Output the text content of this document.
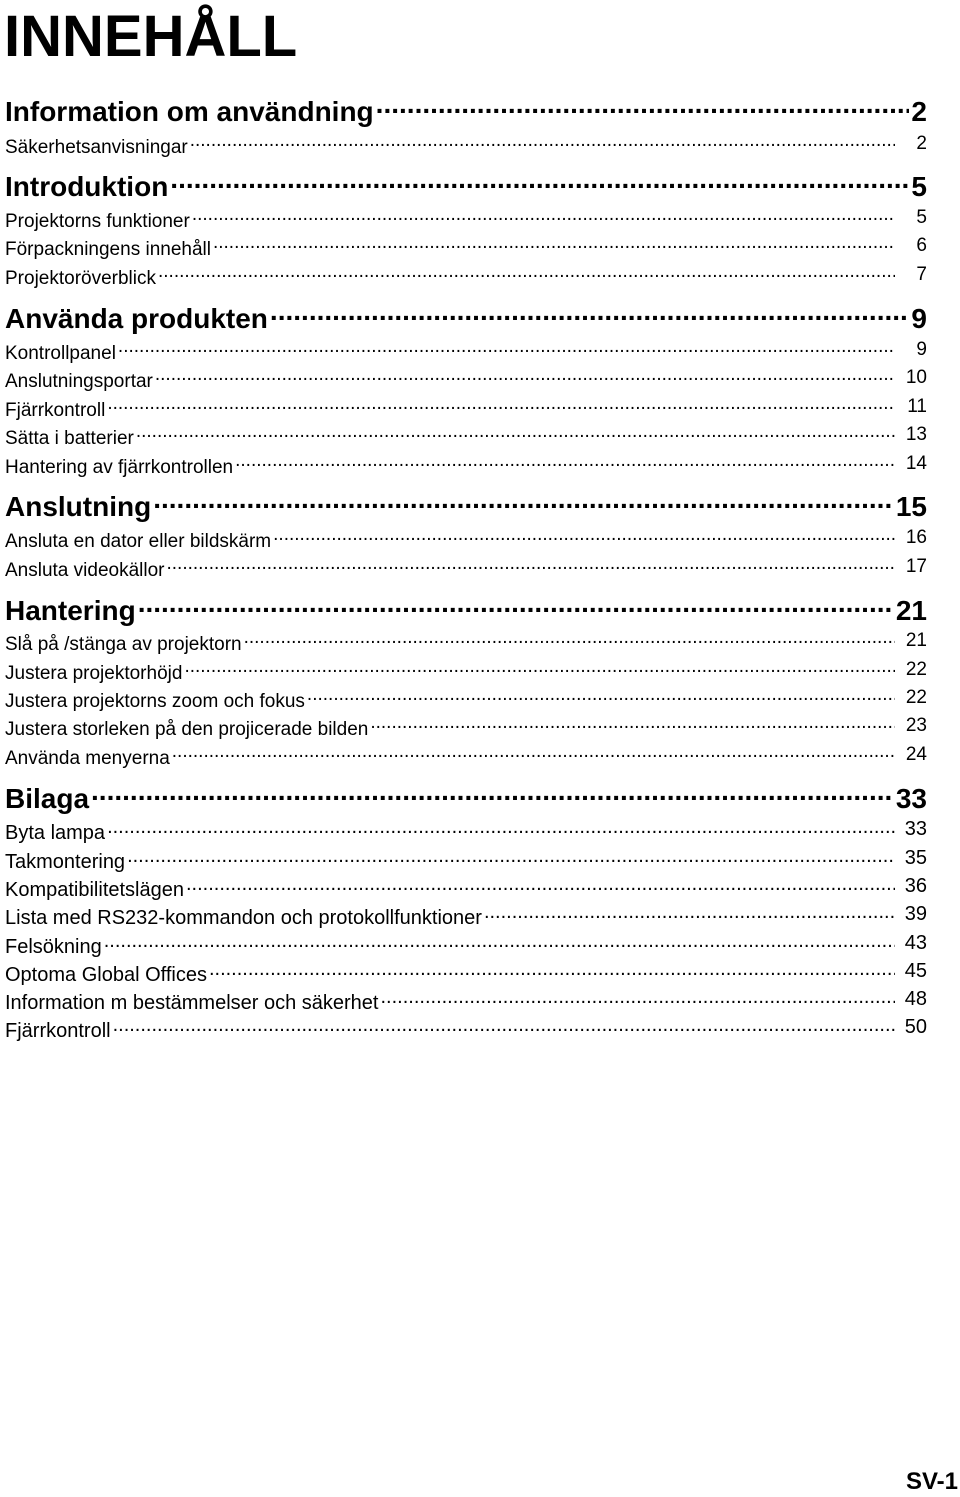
INNEHÅLL
Information om användning .....	2
Säkerhetsanvisningar .....	2
Introduktion .....	5
Projektorns funktioner .....	5
Förpackningens innehåll .....	6
Projektoröverblick .....	7
Använda produkten .....	9
Kontrollpanel .....	9
Anslutningsportar .....	10
Fjärrkontroll .....	11
Sätta i batterier .....	13
Hantering av fjärrkontrollen .....	14
Anslutning .....	15
Ansluta en dator eller bildskärm .....	16
Ansluta videokällor .....	17
Hantering .....	21
Slå på /stänga av projektorn .....	21
Justera projektorhöjd .....	22
Justera projektorns zoom och fokus .....	22
Justera storleken på den projicerade bilden .....	23
Använda menyerna .....	24
Bilaga .....	33
Byta lampa .....	33
Takmontering .....	35
Kompatibilitetslägen .....	36
Lista med RS232-kommandon och protokollfunktioner .....	39
Felsökning .....	43
Optoma Global Offices .....	45
Information m bestämmelser och säkerhet .....	48
Fjärrkontroll .....	50
SV-1
